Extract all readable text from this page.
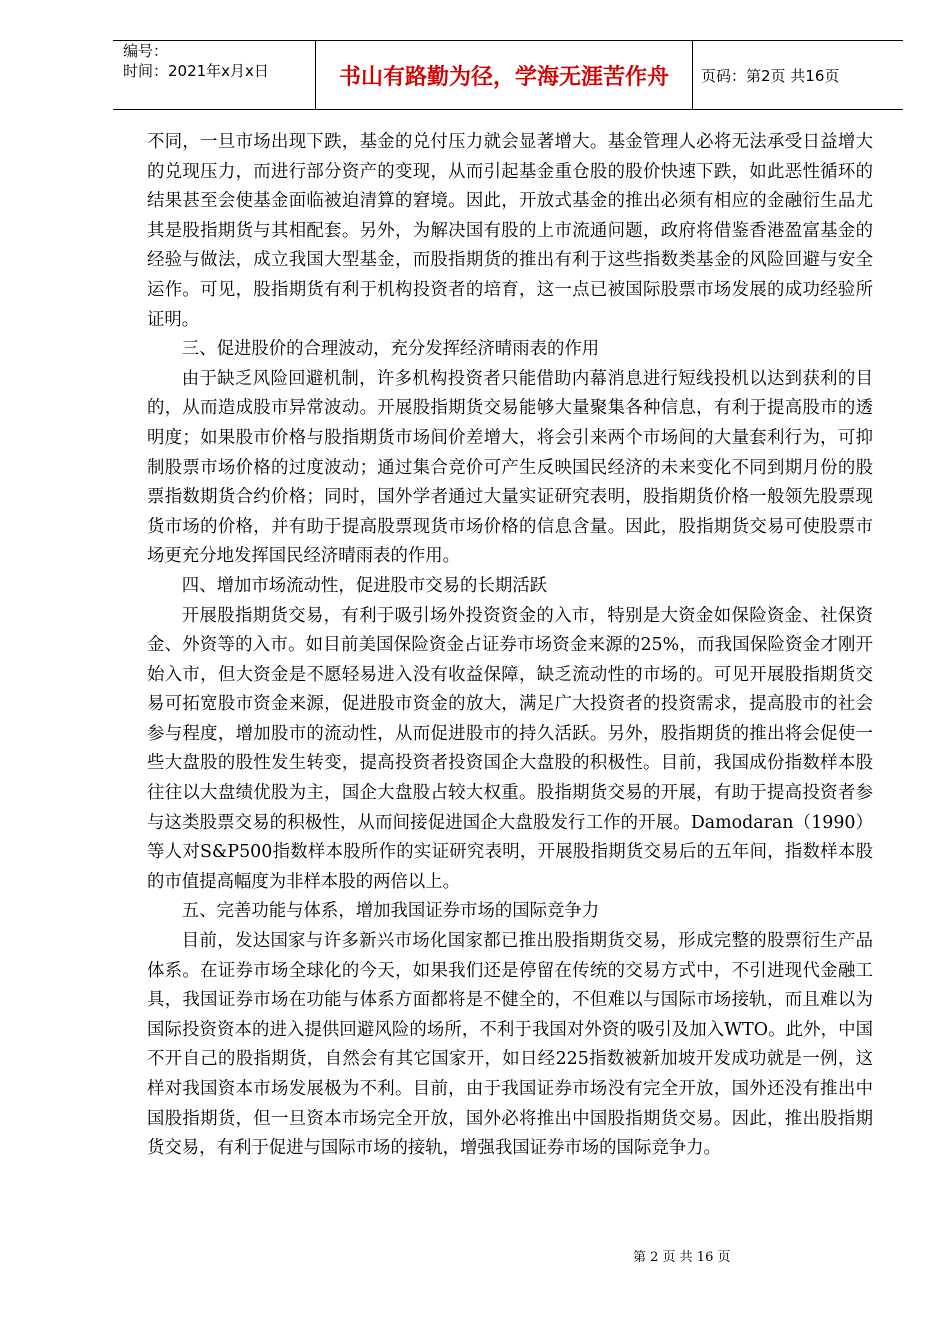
编号：
时间：2021年x月x日	书山有路勤为径，学海无涯苦作舟	页码：第2页 共16页

不同，一旦市场出现下跌，基金的兑付压力就会显著增大。基金管理人必将无法承受日益增大的兑现压力，而进行部分资产的变现，从而引起基金重仓股的股价快速下跌，如此恶性循环的结果甚至会使基金面临被迫清算的窘境。因此，开放式基金的推出必须有相应的金融衍生品尤其是股指期货与其相配套。另外，为解决国有股的上市流通问题，政府将借鉴香港盈富基金的经验与做法，成立我国大型基金，而股指期货的推出有利于这些指数类基金的风险回避与安全运作。可见，股指期货有利于机构投资者的培育，这一点已被国际股票市场发展的成功经验所证明。

三、促进股价的合理波动，充分发挥经济晴雨表的作用

由于缺乏风险回避机制，许多机构投资者只能借助内幕消息进行短线投机以达到获利的目的，从而造成股市异常波动。开展股指期货交易能够大量聚集各种信息，有利于提高股市的透明度；如果股市价格与股指期货市场间价差增大，将会引来两个市场间的大量套利行为，可抑制股票市场价格的过度波动；通过集合竞价可产生反映国民经济的未来变化不同到期月份的股票指数期货合约价格；同时，国外学者通过大量实证研究表明，股指期货价格一般领先股票现货市场的价格，并有助于提高股票现货市场价格的信息含量。因此，股指期货交易可使股票市场更充分地发挥国民经济晴雨表的作用。

四、增加市场流动性，促进股市交易的长期活跃

开展股指期货交易，有利于吸引场外投资资金的入市，特别是大资金如保险资金、社保资金、外资等的入市。如目前美国保险资金占证券市场资金来源的25%，而我国保险资金才刚开始入市，但大资金是不愿轻易进入没有收益保障，缺乏流动性的市场的。可见开展股指期货交易可拓宽股市资金来源，促进股市资金的放大，满足广大投资者的投资需求，提高股市的社会参与程度，增加股市的流动性，从而促进股市的持久活跃。另外，股指期货的推出将会促使一些大盘股的股性发生转变，提高投资者投资国企大盘股的积极性。目前，我国成份指数样本股往往以大盘绩优股为主，国企大盘股占较大权重。股指期货交易的开展，有助于提高投资者参与这类股票交易的积极性，从而间接促进国企大盘股发行工作的开展。Damodaran（1990）等人对S&P500指数样本股所作的实证研究表明，开展股指期货交易后的五年间，指数样本股的市值提高幅度为非样本股的两倍以上。

五、完善功能与体系，增加我国证券市场的国际竞争力

目前，发达国家与许多新兴市场化国家都已推出股指期货交易，形成完整的股票衍生产品体系。在证券市场全球化的今天，如果我们还是停留在传统的交易方式中，不引进现代金融工具，我国证券市场在功能与体系方面都将是不健全的，不但难以与国际市场接轨，而且难以为国际投资资本的进入提供回避风险的场所，不利于我国对外资的吸引及加入WTO。此外，中国不开自己的股指期货，自然会有其它国家开，如日经225指数被新加坡开发成功就是一例，这样对我国资本市场发展极为不利。目前，由于我国证券市场没有完全开放，国外还没有推出中国股指期货，但一旦资本市场完全开放，国外必将推出中国股指期货交易。因此，推出股指期货交易，有利于促进与国际市场的接轨，增强我国证券市场的国际竞争力。

第 2 页 共 16 页
